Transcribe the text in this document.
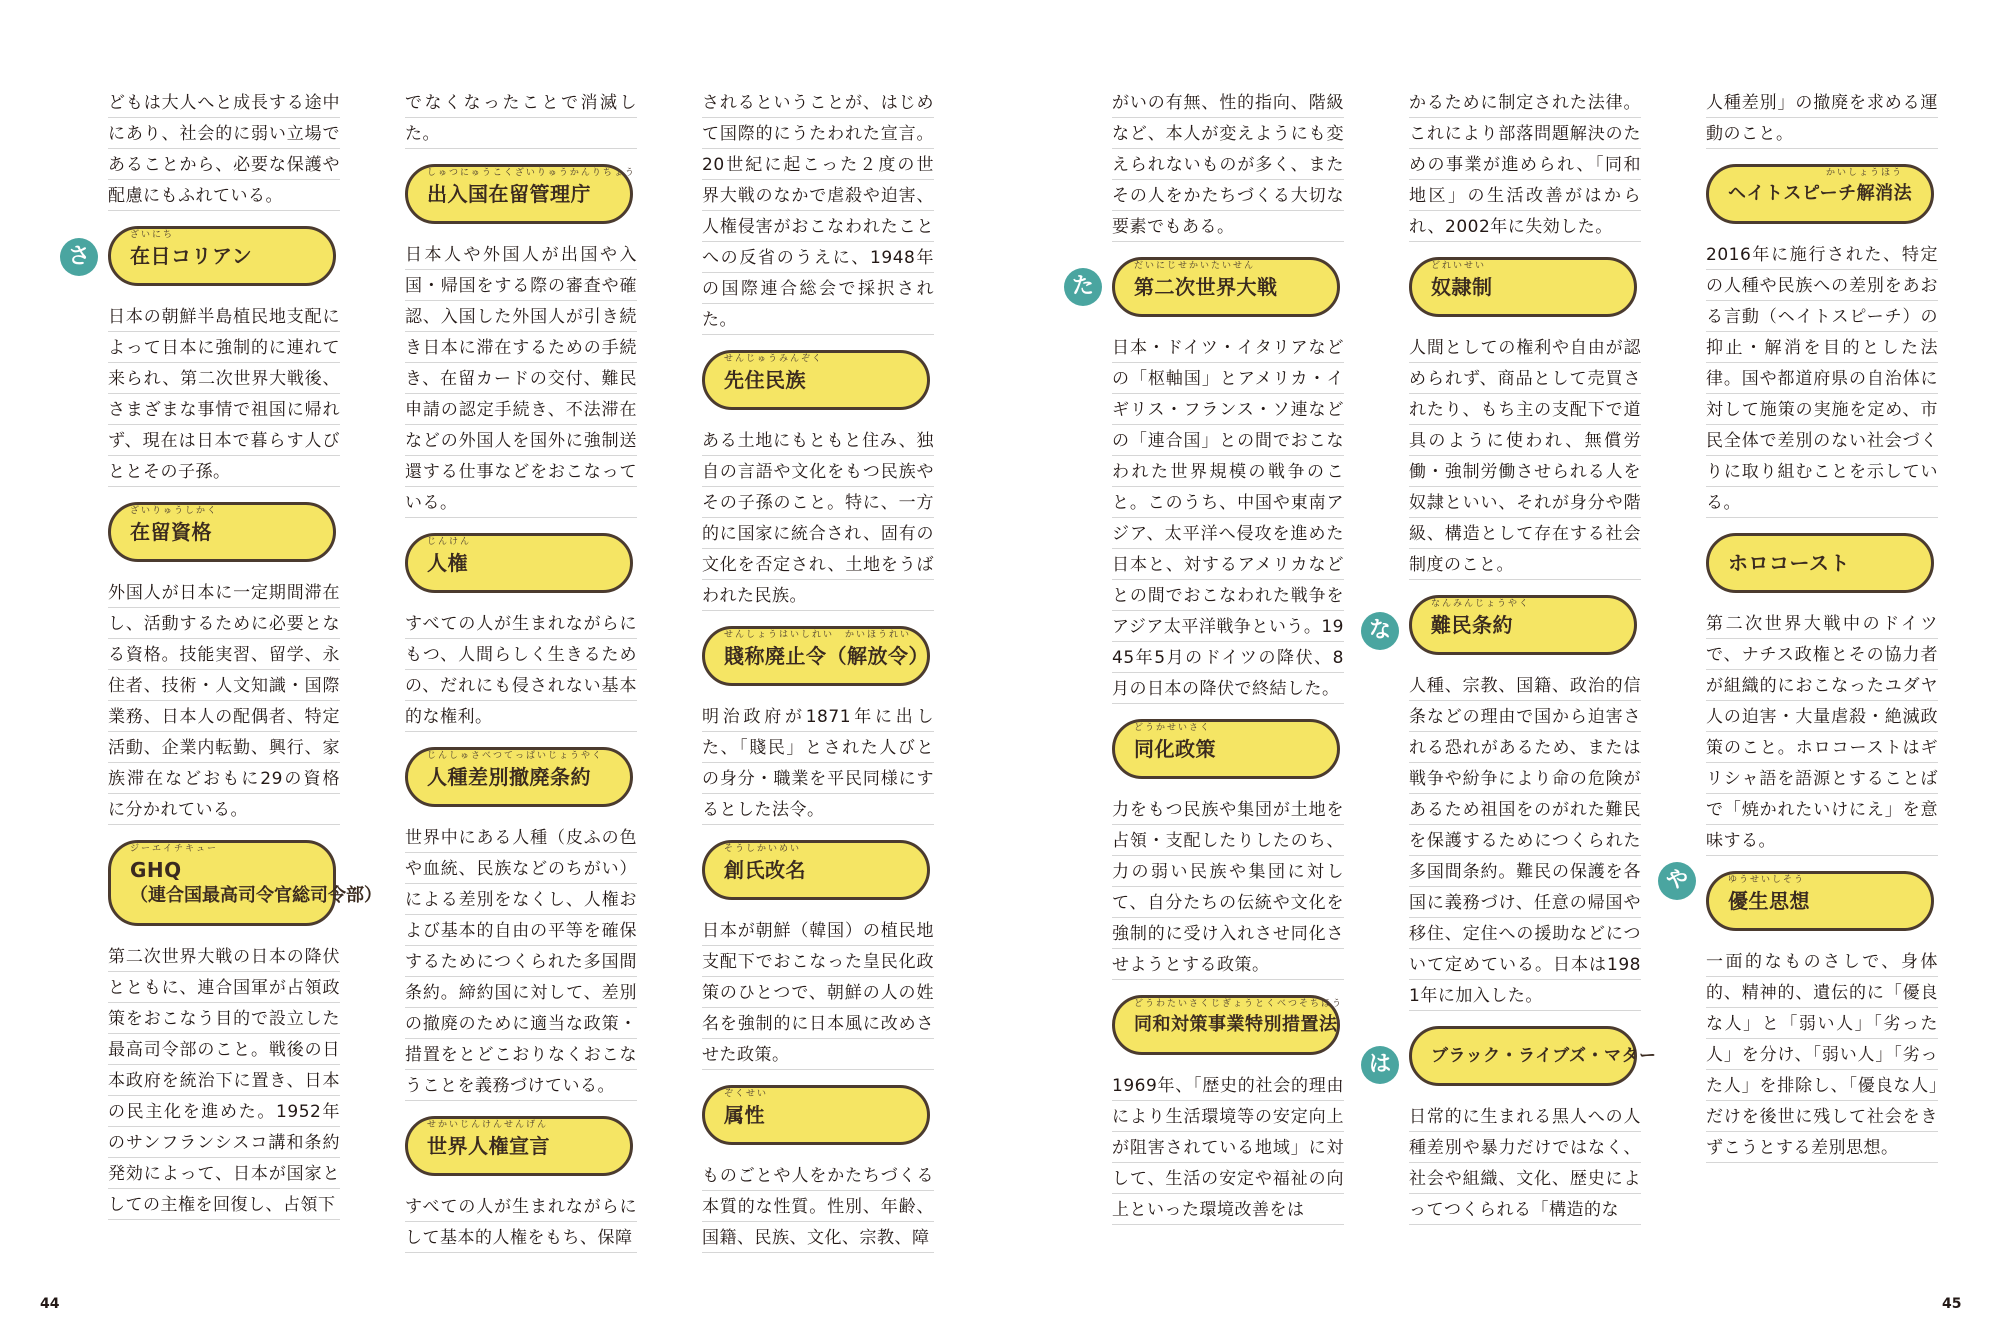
どもは大人へと成長する途中にあり、社会的に弱い立場であることから、必要な保護や配慮にもふれている。

ざいにち
在日コリアン

日本の朝鮮半島植民地支配によって日本に強制的に連れて来られ、第二次世界大戦後、さまざまな事情で祖国に帰れず、現在は日本で暮らす人びととその子孫。

ざいりゅうしかく
在留資格

外国人が日本に一定期間滞在し、活動するために必要となる資格。技能実習、留学、永住者、技術・人文知識・国際業務、日本人の配偶者、特定活動、企業内転勤、興行、家族滞在などおもに29の資格に分かれている。

ジーエイチキュー
GHQ
（連合国最高司令官総司令部）

第二次世界大戦の日本の降伏とともに、連合国軍が占領政策をおこなう目的で設立した最高司令部のこと。戦後の日本政府を統治下に置き、日本の民主化を進めた。1952年のサンフランシスコ講和条約発効によって、日本が国家としての主権を回復し、占領下

でなくなったことで消滅した。

しゅつにゅうこくざいりゅうかんりちょう
出入国在留管理庁

日本人や外国人が出国や入国・帰国をする際の審査や確認、入国した外国人が引き続き日本に滞在するための手続き、在留カードの交付、難民申請の認定手続き、不法滞在などの外国人を国外に強制送還する仕事などをおこなっている。

じんけん
人権

すべての人が生まれながらにもつ、人間らしく生きるための、だれにも侵されない基本的な権利。

じんしゅさべつてっぱいじょうやく
人種差別撤廃条約

世界中にある人種（皮ふの色や血統、民族などのちがい）による差別をなくし、人権および基本的自由の平等を確保するためにつくられた多国間条約。締約国に対して、差別の撤廃のために適当な政策・措置をとどこおりなくおこなうことを義務づけている。

せかいじんけんせんげん
世界人権宣言

すべての人が生まれながらにして基本的人権をもち、保障

されるということが、はじめて国際的にうたわれた宣言。20世紀に起こった２度の世界大戦のなかで虐殺や迫害、人権侵害がおこなわれたことへの反省のうえに、1948年の国際連合総会で採択された。

せんじゅうみんぞく
先住民族

ある土地にもともと住み、独自の言語や文化をもつ民族やその子孫のこと。特に、一方的に国家に統合され、固有の文化を否定され、土地をうばわれた民族。

せんしょうはいしれい　かいほうれい
賤称廃止令（解放令）

明治政府が1871年に出した、「賤民」とされた人びとの身分・職業を平民同様にするとした法令。

そうしかいめい
創氏改名

日本が朝鮮（韓国）の植民地支配下でおこなった皇民化政策のひとつで、朝鮮の人の姓名を強制的に日本風に改めさせた政策。

ぞくせい
属性

ものごとや人をかたちづくる本質的な性質。性別、年齢、国籍、民族、文化、宗教、障

がいの有無、性的指向、階級など、本人が変えようにも変えられないものが多く、またその人をかたちづくる大切な要素でもある。

だいにじせかいたいせん
第二次世界大戦

日本・ドイツ・イタリアなどの「枢軸国」とアメリカ・イギリス・フランス・ソ連などの「連合国」との間でおこなわれた世界規模の戦争のこと。このうち、中国や東南アジア、太平洋へ侵攻を進めた日本と、対するアメリカなどとの間でおこなわれた戦争をアジア太平洋戦争という。1945年5月のドイツの降伏、8月の日本の降伏で終結した。

どうかせいさく
同化政策

力をもつ民族や集団が土地を占領・支配したりしたのち、力の弱い民族や集団に対して、自分たちの伝統や文化を強制的に受け入れさせ同化させようとする政策。

どうわたいさくじぎょうとくべつそちほう
同和対策事業特別措置法

1969年、「歴史的社会的理由により生活環境等の安定向上が阻害されている地域」に対して、生活の安定や福祉の向上といった環境改善をは

かるために制定された法律。これにより部落問題解決のための事業が進められ、「同和地区」の生活改善がはかられ、2002年に失効した。

どれいせい
奴隷制

人間としての権利や自由が認められず、商品として売買されたり、もち主の支配下で道具のように使われ、無償労働・強制労働させられる人を奴隷といい、それが身分や階級、構造として存在する社会制度のこと。

なんみんじょうやく
難民条約

人種、宗教、国籍、政治的信条などの理由で国から迫害される恐れがあるため、または戦争や紛争により命の危険があるため祖国をのがれた難民を保護するためにつくられた多国間条約。難民の保護を各国に義務づけ、任意の帰国や移住、定住への援助などについて定めている。日本は1981年に加入した。

ブラック・ライブズ・マター

日常的に生まれる黒人への人種差別や暴力だけではなく、社会や組織、文化、歴史によってつくられる「構造的な

人種差別」の撤廃を求める運動のこと。

かいしょうほう
ヘイトスピーチ解消法

2016年に施行された、特定の人種や民族への差別をあおる言動（ヘイトスピーチ）の抑止・解消を目的とした法律。国や都道府県の自治体に対して施策の実施を定め、市民全体で差別のない社会づくりに取り組むことを示している。

ホロコースト

第二次世界大戦中のドイツで、ナチス政権とその協力者が組織的におこなったユダヤ人の迫害・大量虐殺・絶滅政策のこと。ホロコーストはギリシャ語を語源とすることばで「焼かれたいけにえ」を意味する。

ゆうせいしそう
優生思想

一面的なものさしで、身体的、精神的、遺伝的に「優良な人」と「弱い人」「劣った人」を分け、「弱い人」「劣った人」を排除し、「優良な人」だけを後世に残して社会をきずこうとする差別思想。

さ
た
な
は
や
44	45
